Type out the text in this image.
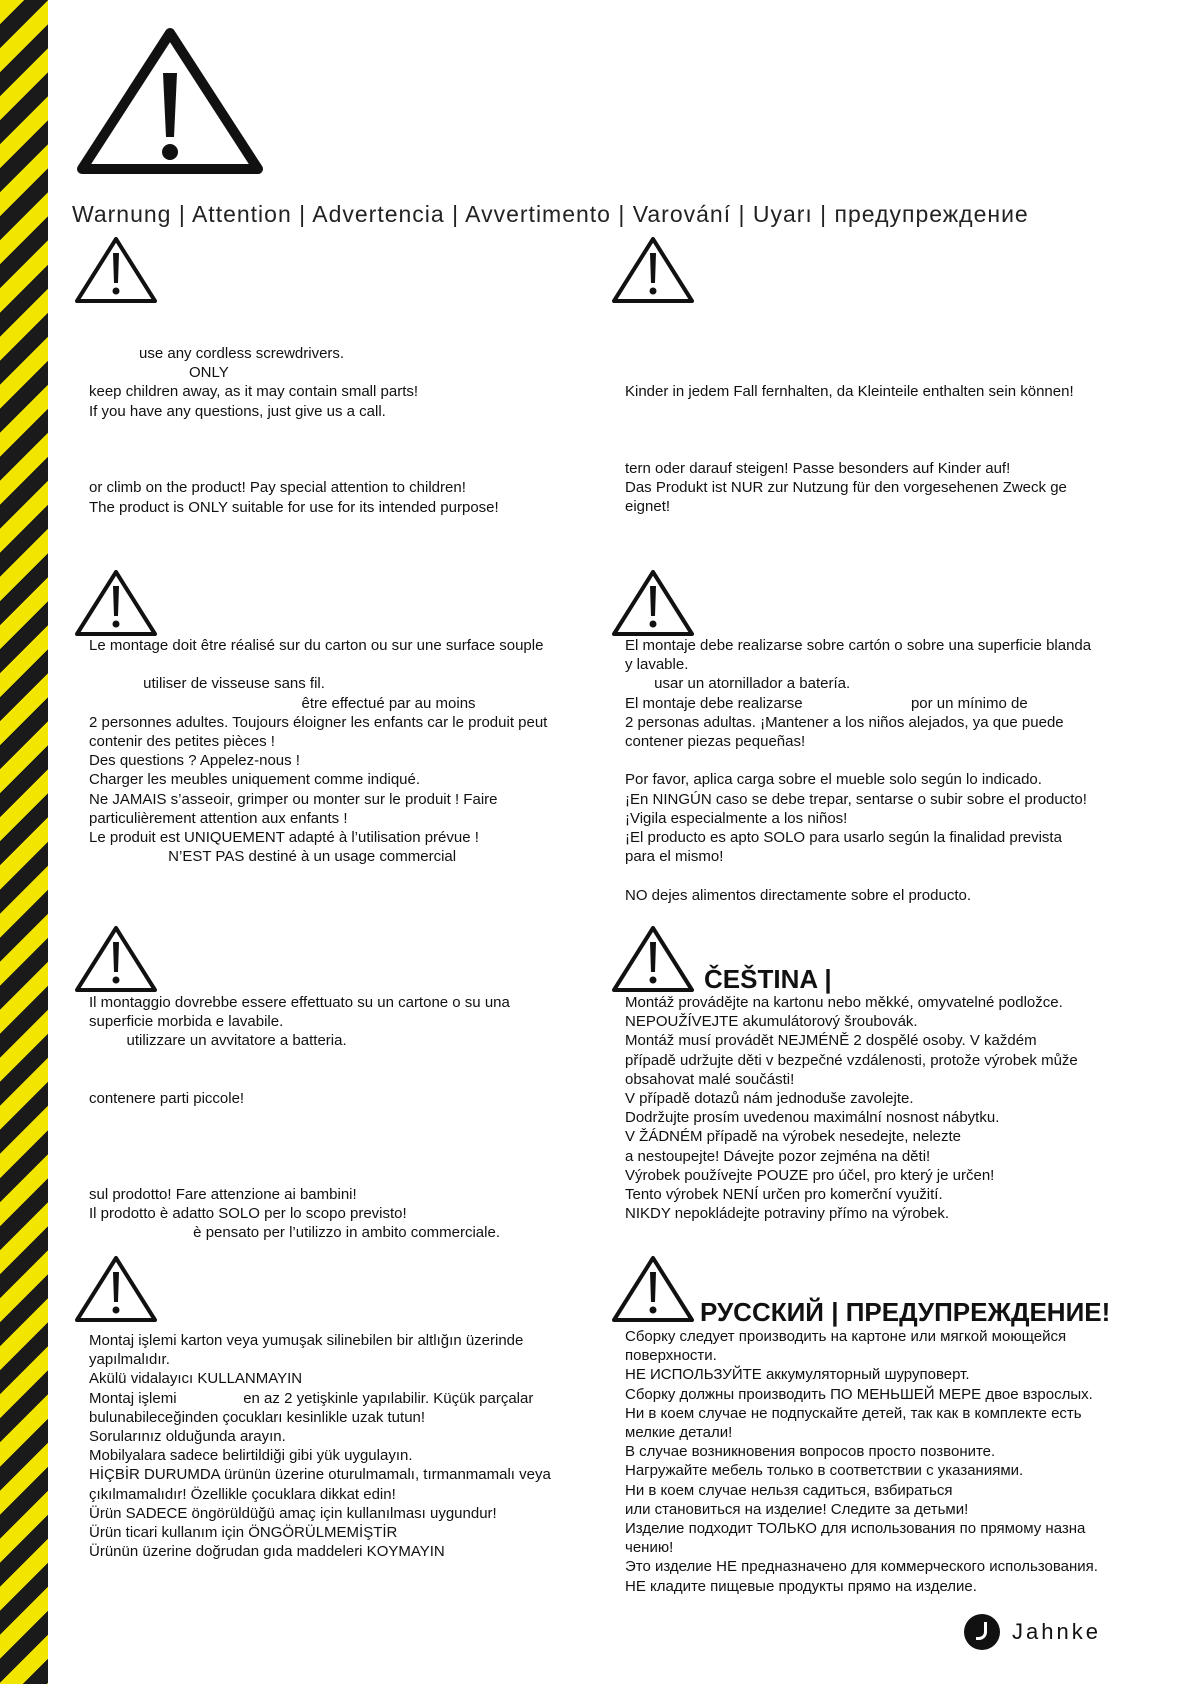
Warnung | Attention | Advertencia | Avvertimento | Varování | Uyarı | предупреждение
ČEŠTINA |
РУССКИЙ | ПРЕДУПРЕЖДЕНИЕ!
use any cordless screwdrivers.
ONLY
keep children away, as it may contain small parts!
If you have any questions, just give us a call.
or climb on the product! Pay special attention to children!
The product is ONLY suitable for use for its intended purpose!
Kinder in jedem Fall fernhalten, da Kleinteile enthalten sein können!
tern oder darauf steigen! Passe besonders auf Kinder auf!
Das Produkt ist NUR zur Nutzung für den vorgesehenen Zweck ge
eignet!
Le montage doit être réalisé sur du carton ou sur une surface souple
utiliser de visseuse sans fil.
être effectué par au moins
2 personnes adultes. Toujours éloigner les enfants car le produit peut
contenir des petites pièces !
Des questions ? Appelez-nous !
Charger les meubles uniquement comme indiqué.
Ne JAMAIS s’asseoir, grimper ou monter sur le produit ! Faire
particulièrement attention aux enfants !
Le produit est UNIQUEMENT adapté à l’utilisation prévue !
N’EST PAS destiné à un usage commercial
El montaje debe realizarse sobre cartón o sobre una superficie blanda
y lavable.
usar un atornillador a batería.
El montaje debe realizarse                          por un mínimo de
2 personas adultas. ¡Mantener a los niños alejados, ya que puede
contener piezas pequeñas!
Por favor, aplica carga sobre el mueble solo según lo indicado.
¡En NINGÚN caso se debe trepar, sentarse o subir sobre el producto!
¡Vigila especialmente a los niños!
¡El producto es apto SOLO para usarlo según la finalidad prevista
para el mismo!
NO dejes alimentos directamente sobre el producto.
Il montaggio dovrebbe essere effettuato su un cartone o su una
superficie morbida e lavabile.
utilizzare un avvitatore a batteria.
contenere parti piccole!
sul prodotto! Fare attenzione ai bambini!
Il prodotto è adatto SOLO per lo scopo previsto!
è pensato per l’utilizzo in ambito commerciale.
Montáž provádějte na kartonu nebo měkké, omyvatelné podložce.
NEPOUŽÍVEJTE akumulátorový šroubovák.
Montáž musí provádět NEJMÉNĚ 2 dospělé osoby. V každém
případě udržujte děti v bezpečné vzdálenosti, protože výrobek může
obsahovat malé součásti!
V případě dotazů nám jednoduše zavolejte.
Dodržujte prosím uvedenou maximální nosnost nábytku.
V ŽÁDNÉM případě na výrobek nesedejte, nelezte
a nestoupejte! Dávejte pozor zejména na děti!
Výrobek používejte POUZE pro účel, pro který je určen!
Tento výrobek NENÍ určen pro komerční využití.
NIKDY nepokládejte potraviny přímo na výrobek.
Montaj işlemi karton veya yumuşak silinebilen bir altlığın üzerinde
yapılmalıdır.
Akülü vidalayıcı KULLANMAYIN
Montaj işlemi                en az 2 yetişkinle yapılabilir. Küçük parçalar
bulunabileceğinden çocukları kesinlikle uzak tutun!
Sorularınız olduğunda arayın.
Mobilyalara sadece belirtildiği gibi yük uygulayın.
HİÇBİR DURUMDA ürünün üzerine oturulmamalı, tırmanmamalı veya
çıkılmamalıdır! Özellikle çocuklara dikkat edin!
Ürün SADECE öngörüldüğü amaç için kullanılması uygundur!
Ürün ticari kullanım için ÖNGÖRÜLMEMİŞTİR
Ürünün üzerine doğrudan gıda maddeleri KOYMAYIN
Сборку следует производить на картоне или мягкой моющейся
поверхности.
НЕ ИСПОЛЬЗУЙТЕ аккумуляторный шуруповерт.
Сборку должны производить ПО МЕНЬШЕЙ МЕРЕ двое взрослых.
Ни в коем случае не подпускайте детей, так как в комплекте есть
мелкие детали!
В случае возникновения вопросов просто позвоните.
Нагружайте мебель только в соответствии с указаниями.
Ни в коем случае нельзя садиться, взбираться
или становиться на изделие! Следите за детьми!
Изделие подходит ТОЛЬКО для использования по прямому назна
чению!
Это изделие НЕ предназначено для коммерческого использования.
НЕ кладите пищевые продукты прямо на изделие.
Jahnke
